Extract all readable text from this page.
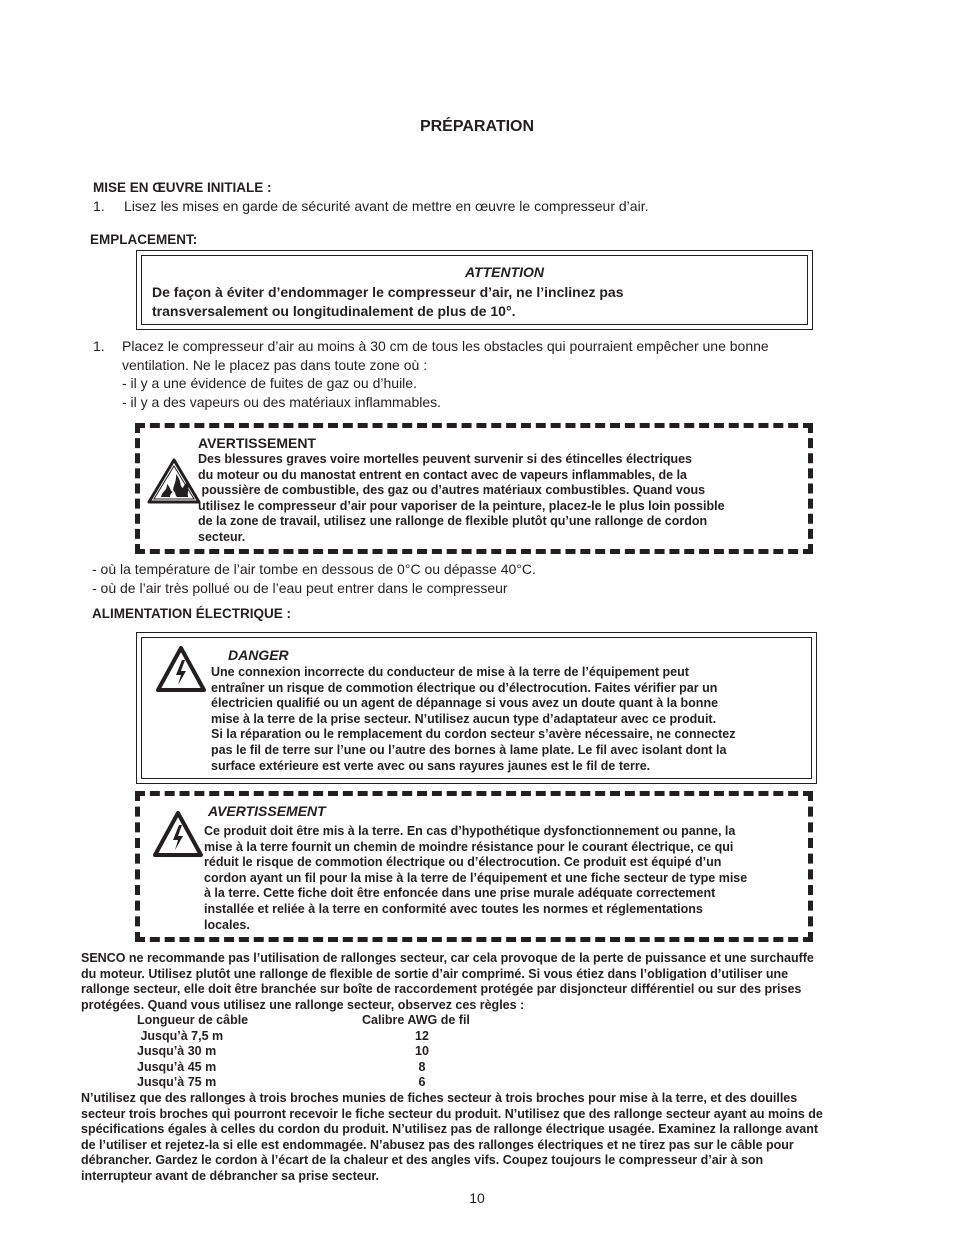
PRÉPARATION
MISE EN ŒUVRE INITIALE :
1. Lisez les mises en garde de sécurité avant de mettre en œuvre le compresseur d’air.
EMPLACEMENT:
ATTENTION
De façon à éviter d’endommager le compresseur d’air, ne l’inclinez pas
transversalement ou longitudinalement de plus de 10°.
1. Placez le compresseur d’air au moins à 30 cm de tous les obstacles qui pourraient empêcher une bonne
ventilation. Ne le placez pas dans toute zone où :
- il y a une évidence de fuites de gaz ou d’huile.
- il y a des vapeurs ou des matériaux inflammables.
AVERTISSEMENT
Des blessures graves voire mortelles peuvent survenir si des étincelles électriques
du moteur ou du manostat entrent en contact avec de vapeurs inflammables, de la
poussière de combustible, des gaz ou d’autres matériaux combustibles. Quand vous
utilisez le compresseur d’air pour vaporiser de la peinture, placez-le le plus loin possible
de la zone de travail, utilisez une rallonge de flexible plutôt qu’une rallonge de cordon
secteur.
- où la température de l’air tombe en dessous de 0°C ou dépasse 40°C.
- où de l’air très pollué ou de l’eau peut entrer dans le compresseur
ALIMENTATION ÉLECTRIQUE :
DANGER
Une connexion incorrecte du conducteur de mise à la terre de l’équipement peut
entraîner un risque de commotion électrique ou d’électrocution. Faites vérifier par un
électricien qualifié ou un agent de dépannage si vous avez un doute quant à la bonne
mise à la terre de la prise secteur. N’utilisez aucun type d’adaptateur avec ce produit.
Si la réparation ou le remplacement du cordon secteur s’avère nécessaire, ne connectez
pas le fil de terre sur l’une ou l’autre des bornes à lame plate. Le fil avec isolant dont la
surface extérieure est verte avec ou sans rayures jaunes est le fil de terre.
AVERTISSEMENT
Ce produit doit être mis à la terre. En cas d’hypothétique dysfonctionnement ou panne, la
mise à la terre fournit un chemin de moindre résistance pour le courant électrique, ce qui
réduit le risque de commotion électrique ou d’électrocution. Ce produit est équipé d’un
cordon ayant un fil pour la mise à la terre de l’équipement et une fiche secteur de type mise
à la terre. Cette fiche doit être enfoncée dans une prise murale adéquate correctement
installée et reliée à la terre en conformité avec toutes les normes et réglementations
locales.
SENCO ne recommande pas l’utilisation de rallonges secteur, car cela provoque de la perte de puissance et une surchauffe
du moteur. Utilisez plutôt une rallonge de flexible de sortie d’air comprimé. Si vous étiez dans l’obligation d’utiliser une
rallonge secteur, elle doit être branchée sur boîte de raccordement protégée par disjoncteur différentiel ou sur des prises
protégées. Quand vous utilisez une rallonge secteur, observez ces règles :
Longueur de câble	Calibre AWG de fil
Jusqu’à 7,5 m	12
Jusqu’à 30 m	10
Jusqu’à 45 m	8
Jusqu’à 75 m	6
N’utilisez que des rallonges à trois broches munies de fiches secteur à trois broches pour mise à la terre, et des douilles
secteur trois broches qui pourront recevoir le fiche secteur du produit. N’utilisez que des rallonge secteur ayant au moins de
spécifications égales à celles du cordon du produit. N’utilisez pas de rallonge électrique usagée. Examinez la rallonge avant
de l’utiliser et rejetez-la si elle est endommagée. N’abusez pas des rallonges électriques et ne tirez pas sur le câble pour
débrancher. Gardez le cordon à l’écart de la chaleur et des angles vifs. Coupez toujours le compresseur d’air à son
interrupteur avant de débrancher sa prise secteur.
10
